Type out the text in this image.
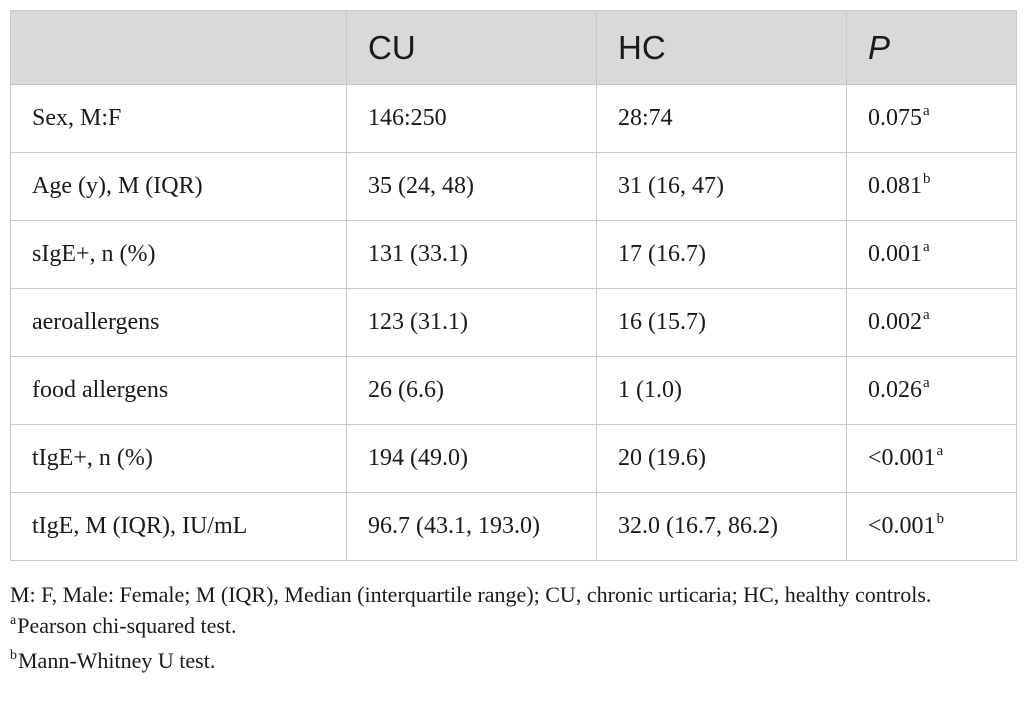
	CU	HC	P
Sex, M:F	146:250	28:74	0.075$^a$
Age (y), M (IQR)	35 (24, 48)	31 (16, 47)	0.081$^b$
sIgE+, n (%)	131 (33.1)	17 (16.7)	0.001$^a$
aeroallergens	123 (31.1)	16 (15.7)	0.002$^a$
food allergens	26 (6.6)	1 (1.0)	0.026$^a$
tIgE+, n (%)	194 (49.0)	20 (19.6)	<0.001$^a$
tIgE, M (IQR), IU/mL	96.7 (43.1, 193.0)	32.0 (16.7, 86.2)	<0.001$^b$

M: F, Male: Female; M (IQR), Median (interquartile range); CU, chronic urticaria; HC, healthy controls.

$^a$Pearson chi-squared test.

$^b$Mann-Whitney U test.
